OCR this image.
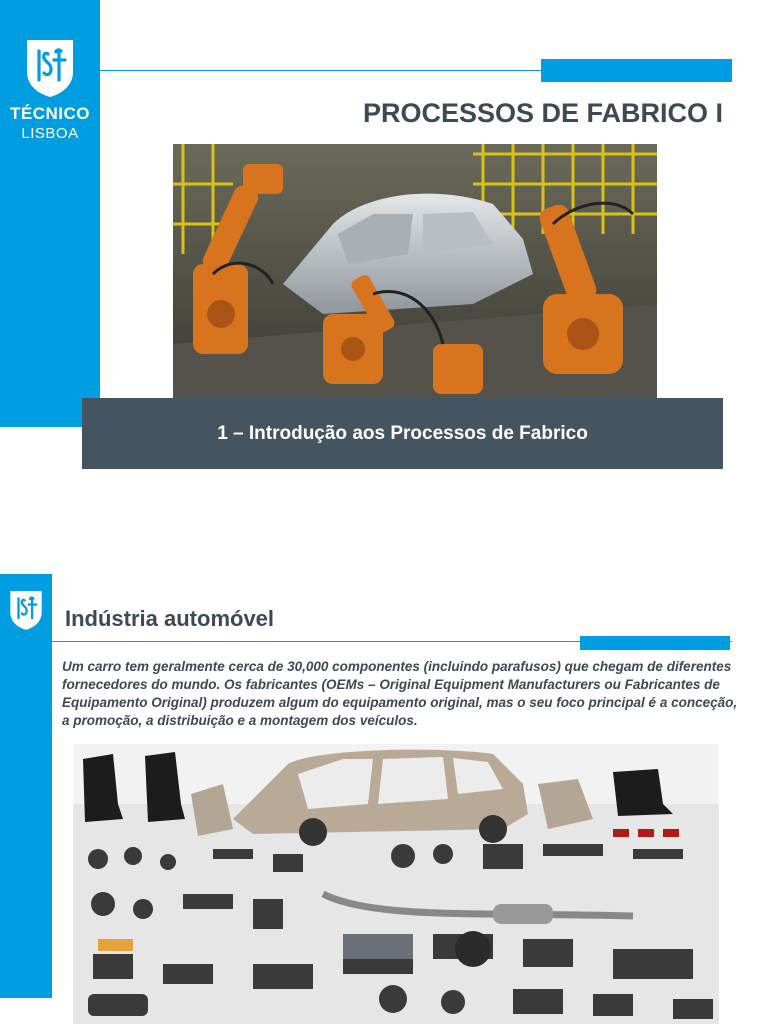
TÉCNICO
LISBOA
PROCESSOS DE FABRICO I
1 – Introdução aos Processos de Fabrico
Indústria automóvel
Um carro tem geralmente cerca de 30,000 componentes (incluindo parafusos) que chegam de diferentes fornecedores do mundo. Os fabricantes (OEMs – Original Equipment Manufacturers ou Fabricantes de Equipamento Original) produzem algum do equipamento original, mas o seu foco principal é a conceção, a promoção, a distribuição e a montagem dos veículos.
